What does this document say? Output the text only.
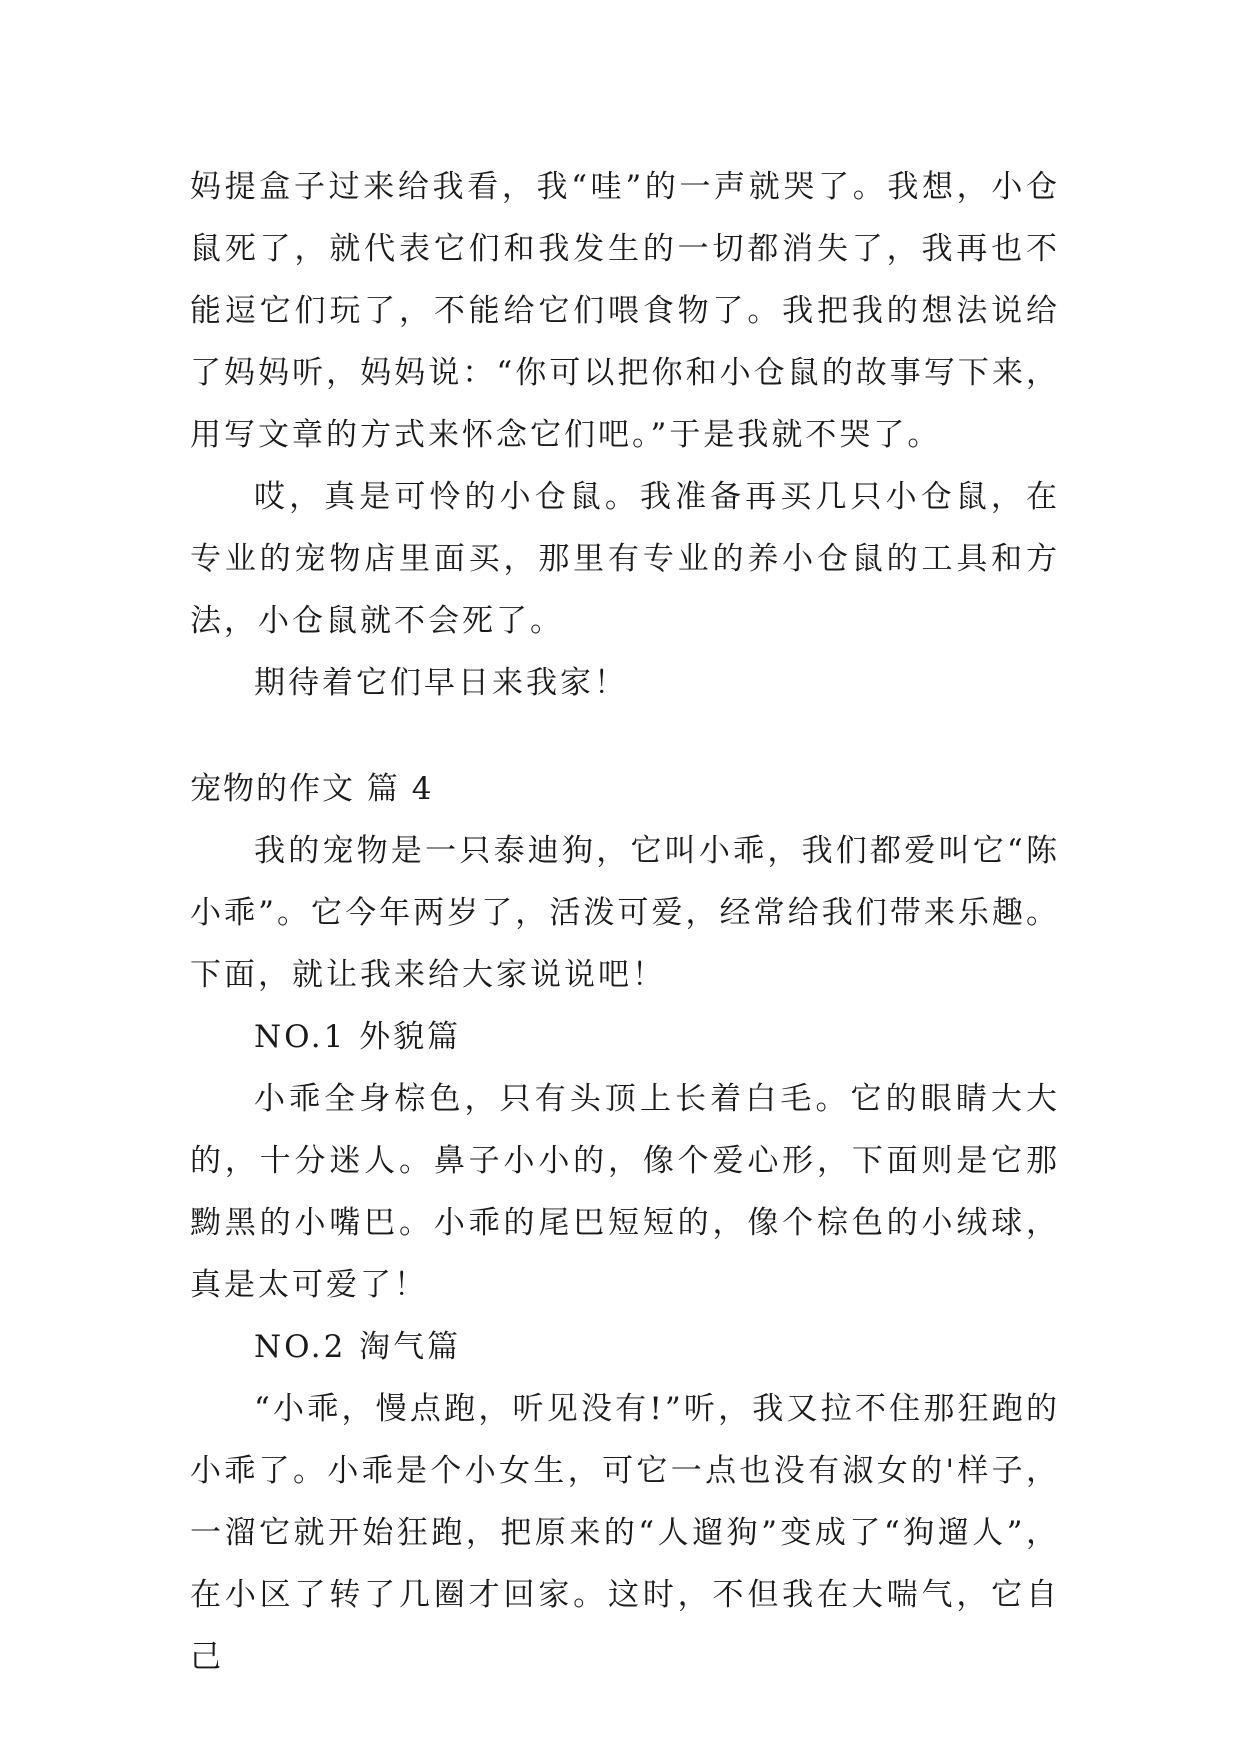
妈提盒子过来给我看，我“哇”的一声就哭了。我想，小仓鼠死了，就代表它们和我发生的一切都消失了，我再也不能逗它们玩了，不能给它们喂食物了。我把我的想法说给了妈妈听，妈妈说：“你可以把你和小仓鼠的故事写下来，用写文章的方式来怀念它们吧。”于是我就不哭了。

哎，真是可怜的小仓鼠。我准备再买几只小仓鼠，在专业的宠物店里面买，那里有专业的养小仓鼠的工具和方法，小仓鼠就不会死了。

期待着它们早日来我家！

宠物的作文 篇 4

我的宠物是一只泰迪狗，它叫小乖，我们都爱叫它“陈小乖”。它今年两岁了，活泼可爱，经常给我们带来乐趣。下面，就让我来给大家说说吧！

NO.1 外貌篇

小乖全身棕色，只有头顶上长着白毛。它的眼睛大大的，十分迷人。鼻子小小的，像个爱心形，下面则是它那黝黑的小嘴巴。小乖的尾巴短短的，像个棕色的小绒球，真是太可爱了！

NO.2 淘气篇

“小乖，慢点跑，听见没有!”听，我又拉不住那狂跑的小乖了。小乖是个小女生，可它一点也没有淑女的'样子，一溜它就开始狂跑，把原来的“人遛狗”变成了“狗遛人”，在小区了转了几圈才回家。这时，不但我在大喘气，它自己
